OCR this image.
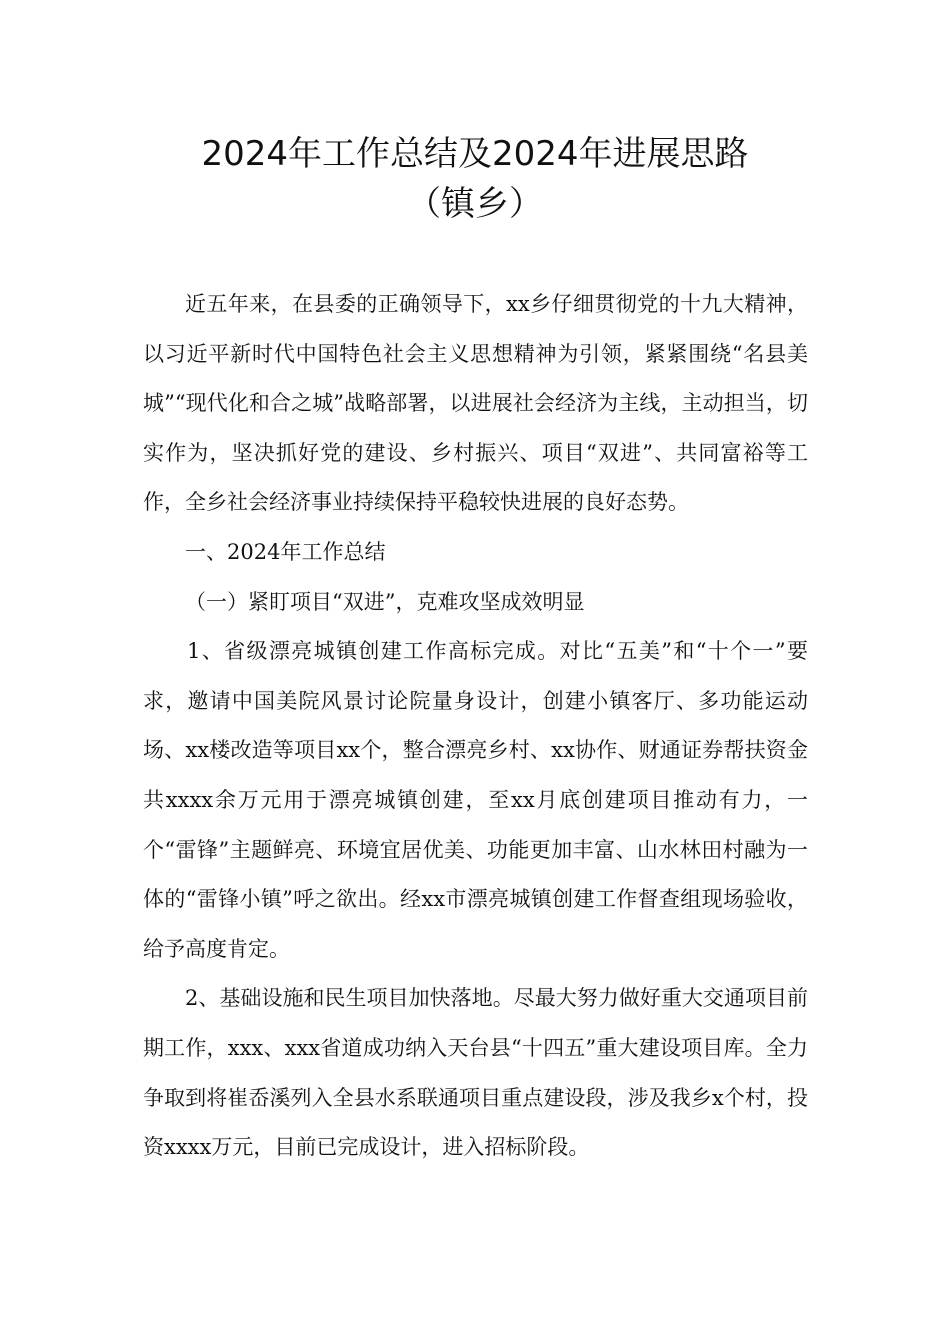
2024年工作总结及2024年进展思路
（镇乡）

近五年来，在县委的正确领导下，xx乡仔细贯彻党的十九大精神，以习近平新时代中国特色社会主义思想精神为引领，紧紧围绕“名县美城”“现代化和合之城”战略部署，以进展社会经济为主线，主动担当，切实作为，坚决抓好党的建设、乡村振兴、项目“双进”、共同富裕等工作，全乡社会经济事业持续保持平稳较快进展的良好态势。

一、2024年工作总结

（一）紧盯项目“双进”，克难攻坚成效明显

1、省级漂亮城镇创建工作高标完成。对比“五美”和“十个一”要求，邀请中国美院风景讨论院量身设计，创建小镇客厅、多功能运动场、xx楼改造等项目xx个，整合漂亮乡村、xx协作、财通证券帮扶资金共xxxx余万元用于漂亮城镇创建，至xx月底创建项目推动有力，一个“雷锋”主题鲜亮、环境宜居优美、功能更加丰富、山水林田村融为一体的“雷锋小镇”呼之欲出。经xx市漂亮城镇创建工作督查组现场验收，给予高度肯定。

2、基础设施和民生项目加快落地。尽最大努力做好重大交通项目前期工作，xxx、xxx省道成功纳入天台县“十四五”重大建设项目库。全力争取到将崔岙溪列入全县水系联通项目重点建设段，涉及我乡x个村，投资xxxx万元，目前已完成设计，进入招标阶段。
